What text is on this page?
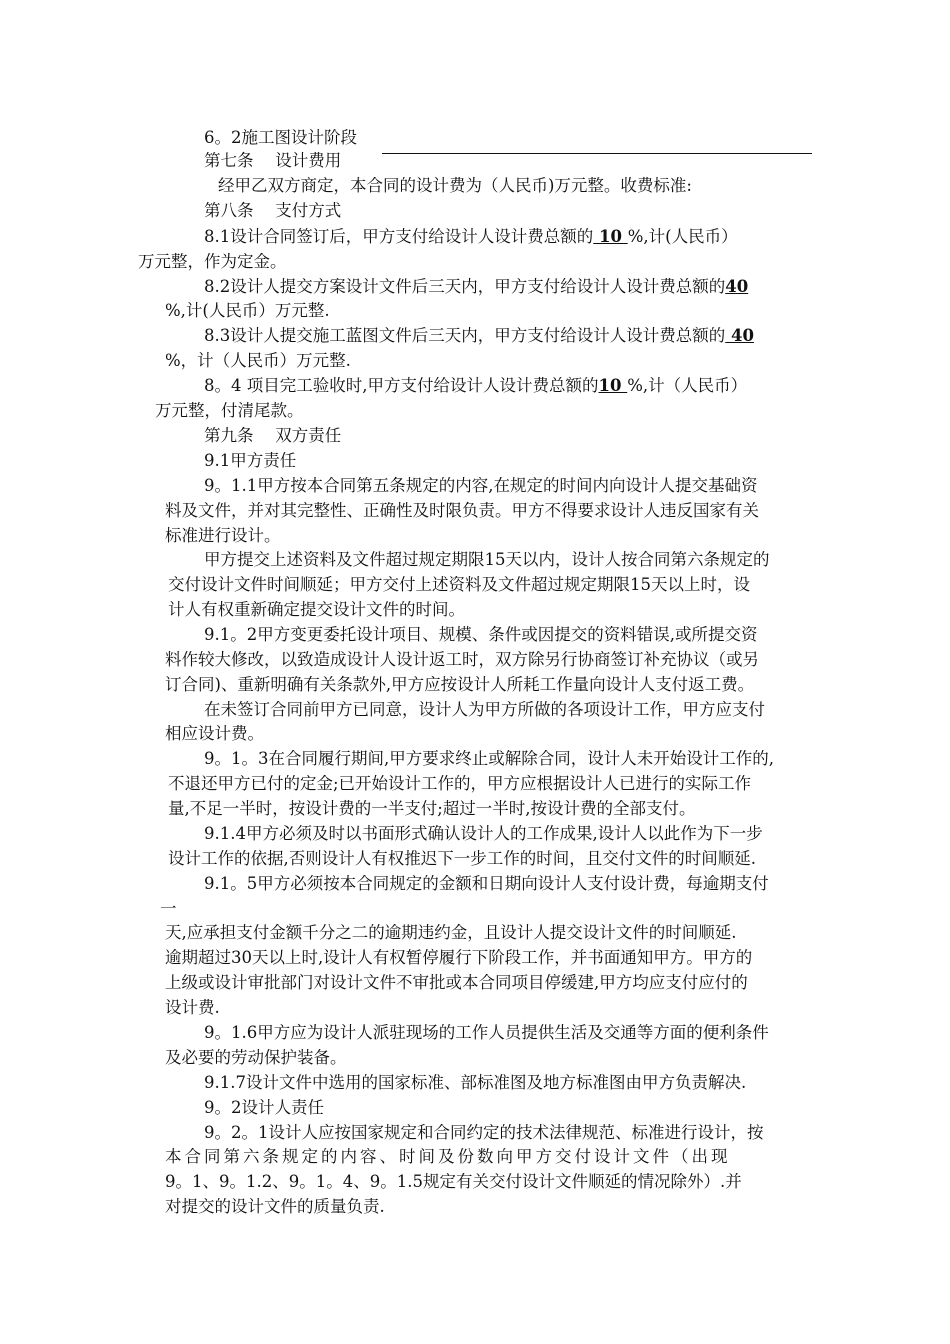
6。2施工图设计阶段
第七条　 设计费用
经甲乙双方商定，本合同的设计费为（人民币)万元整。收费标准:
第八条　 支付方式
8.1设计合同签订后，甲方支付给设计人设计费总额的 10 %,计(人民币）
万元整，作为定金。
8.2设计人提交方案设计文件后三天内，甲方支付给设计人设计费总额的40
%,计(人民币）万元整.
8.3设计人提交施工蓝图文件后三天内，甲方支付给设计人设计费总额的 40
%，计（人民币）万元整.
8。4 项目完工验收时,甲方支付给设计人设计费总额的10 %,计（人民币）
万元整，付清尾款。
第九条　 双方责任
9.1甲方责任
9。1.1甲方按本合同第五条规定的内容,在规定的时间内向设计人提交基础资
料及文件，并对其完整性、正确性及时限负责。甲方不得要求设计人违反国家有关
标准进行设计。
甲方提交上述资料及文件超过规定期限15天以内，设计人按合同第六条规定的
交付设计文件时间顺延；甲方交付上述资料及文件超过规定期限15天以上时，设
计人有权重新确定提交设计文件的时间。
9.1。2甲方变更委托设计项目、规模、条件或因提交的资料错误,或所提交资
料作较大修改，以致造成设计人设计返工时，双方除另行协商签订补充协议（或另
订合同)、重新明确有关条款外,甲方应按设计人所耗工作量向设计人支付返工费。
在未签订合同前甲方已同意，设计人为甲方所做的各项设计工作，甲方应支付
相应设计费。
9。1。3在合同履行期间,甲方要求终止或解除合同，设计人未开始设计工作的,
不退还甲方已付的定金;已开始设计工作的，甲方应根据设计人已进行的实际工作
量,不足一半时，按设计费的一半支付;超过一半时,按设计费的全部支付。
9.1.4甲方必须及时以书面形式确认设计人的工作成果,设计人以此作为下一步
设计工作的依据,否则设计人有权推迟下一步工作的时间，且交付文件的时间顺延.
9.1。5甲方必须按本合同规定的金额和日期向设计人支付设计费，每逾期支付
一
天,应承担支付金额千分之二的逾期违约金，且设计人提交设计文件的时间顺延.
逾期超过30天以上时,设计人有权暂停履行下阶段工作，并书面通知甲方。甲方的
上级或设计审批部门对设计文件不审批或本合同项目停缓建,甲方均应支付应付的
设计费.
9。1.6甲方应为设计人派驻现场的工作人员提供生活及交通等方面的便利条件
及必要的劳动保护装备。
9.1.7设计文件中选用的国家标准、部标准图及地方标准图由甲方负责解决.
9。2设计人责任
9。2。1设计人应按国家规定和合同约定的技术法律规范、标准进行设计，按
本合同第六条规定的内容、时间及份数向甲方交付设计文件（出现
9。1、9。1.2、9。1。4、9。1.5规定有关交付设计文件顺延的情况除外）.并
对提交的设计文件的质量负责.
